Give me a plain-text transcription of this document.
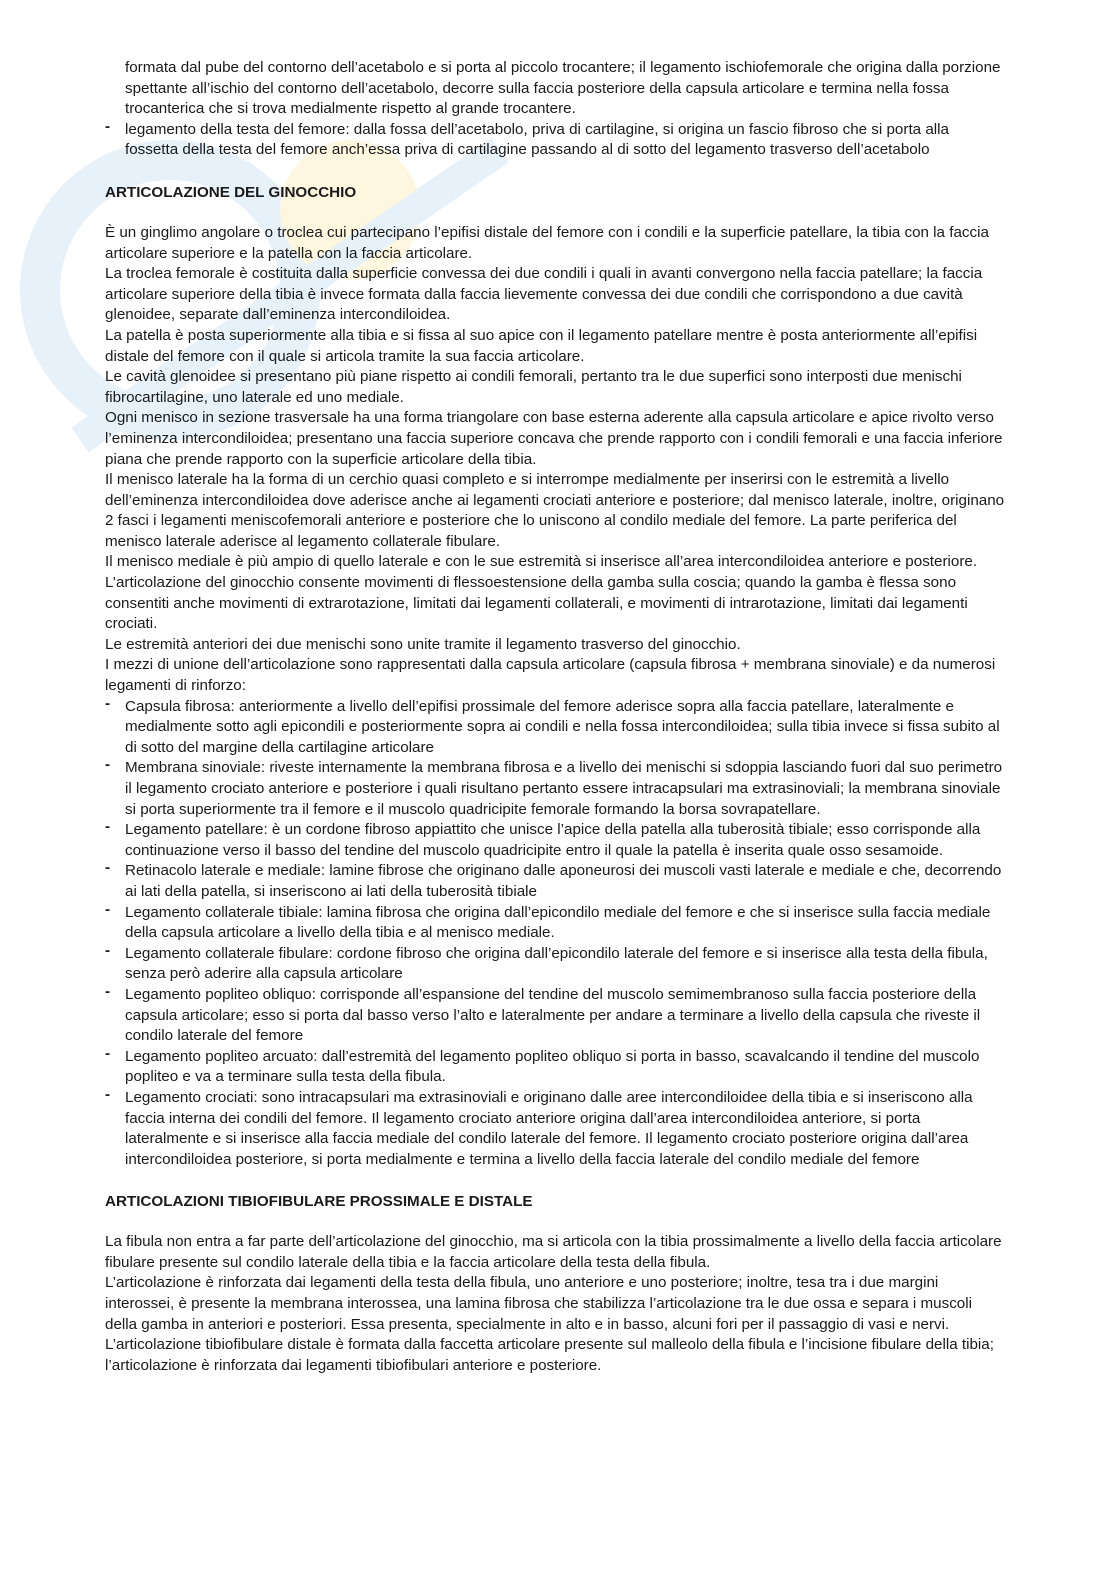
formata dal pube del contorno dell’acetabolo e si porta al piccolo trocantere; il legamento ischiofemorale che origina dalla porzione spettante all’ischio del contorno dell’acetabolo, decorre sulla faccia posteriore della capsula articolare e termina nella fossa trocanterica che si trova medialmente rispetto al grande trocantere.

- legamento della testa del femore: dalla fossa dell’acetabolo, priva di cartilagine, si origina un fascio fibroso che si porta alla fossetta della testa del femore anch’essa priva di cartilagine passando al di sotto del legamento trasverso dell’acetabolo
ARTICOLAZIONE DEL GINOCCHIO

È un ginglimo angolare o troclea cui partecipano l’epifisi distale del femore con i condili e la superficie patellare, la tibia con la faccia articolare superiore e la patella con la faccia articolare.

La troclea femorale è costituita dalla superficie convessa dei due condili i quali in avanti convergono nella faccia patellare; la faccia articolare superiore della tibia è invece formata dalla faccia lievemente convessa dei due condili che corrispondono a due cavità glenoidee, separate dall’eminenza intercondiloidea.

La patella è posta superiormente alla tibia e si fissa al suo apice con il legamento patellare mentre è posta anteriormente all’epifisi distale del femore con il quale si articola tramite la sua faccia articolare.

Le cavità glenoidee si presentano più piane rispetto ai condili femorali, pertanto tra le due superfici sono interposti due menischi fibrocartilagine, uno laterale ed uno mediale.

Ogni menisco in sezione trasversale ha una forma triangolare con base esterna aderente alla capsula articolare e apice rivolto verso l’eminenza intercondiloidea; presentano una faccia superiore concava che prende rapporto con i condili femorali e una faccia inferiore piana che prende rapporto con la superficie articolare della tibia.

Il menisco laterale ha la forma di un cerchio quasi completo e si interrompe medialmente per inserirsi con le estremità a livello dell’eminenza intercondiloidea dove aderisce anche ai legamenti crociati anteriore e posteriore; dal menisco laterale, inoltre, originano 2 fasci i legamenti meniscofemorali anteriore e posteriore che lo uniscono al condilo mediale del femore. La parte periferica del menisco laterale aderisce al legamento collaterale fibulare.

Il menisco mediale è più ampio di quello laterale e con le sue estremità si inserisce all’area intercondiloidea anteriore e posteriore.

L’articolazione del ginocchio consente movimenti di flessoestensione della gamba sulla coscia; quando la gamba è flessa sono consentiti anche movimenti di extrarotazione, limitati dai legamenti collaterali, e movimenti di intrarotazione, limitati dai legamenti crociati.

Le estremità anteriori dei due menischi sono unite tramite il legamento trasverso del ginocchio.

I mezzi di unione dell’articolazione sono rappresentati dalla capsula articolare (capsula fibrosa + membrana sinoviale) e da numerosi legamenti di rinforzo:

- Capsula fibrosa: anteriormente a livello dell’epifisi prossimale del femore aderisce sopra alla faccia patellare, lateralmente e medialmente sotto agli epicondili e posteriormente sopra ai condili e nella fossa intercondiloidea; sulla tibia invece si fissa subito al di sotto del margine della cartilagine articolare
- Membrana sinoviale: riveste internamente la membrana fibrosa e a livello dei menischi si sdoppia lasciando fuori dal suo perimetro il legamento crociato anteriore e posteriore i quali risultano pertanto essere intracapsulari ma extrasinoviali; la membrana sinoviale si porta superiormente tra il femore e il muscolo quadricipite femorale formando la borsa sovrapatellare.
- Legamento patellare: è un cordone fibroso appiattito che unisce l’apice della patella alla tuberosità tibiale; esso corrisponde alla continuazione verso il basso del tendine del muscolo quadricipite entro il quale la patella è inserita quale osso sesamoide.
- Retinacolo laterale e mediale: lamine fibrose che originano dalle aponeurosi dei muscoli vasti laterale e mediale e che, decorrendo ai lati della patella, si inseriscono ai lati della tuberosità tibiale
- Legamento collaterale tibiale: lamina fibrosa che origina dall’epicondilo mediale del femore e che si inserisce sulla faccia mediale della capsula articolare a livello della tibia e al menisco mediale.
- Legamento collaterale fibulare: cordone fibroso che origina dall’epicondilo laterale del femore e si inserisce alla testa della fibula, senza però aderire alla capsula articolare
- Legamento popliteo obliquo: corrisponde all’espansione del tendine del muscolo semimembranoso sulla faccia posteriore della capsula articolare; esso si porta dal basso verso l’alto e lateralmente per andare a terminare a livello della capsula che riveste il condilo laterale del femore
- Legamento popliteo arcuato: dall’estremità del legamento popliteo obliquo si porta in basso, scavalcando il tendine del muscolo popliteo e va a terminare sulla testa della fibula.
- Legamento crociati: sono intracapsulari ma extrasinoviali e originano dalle aree intercondiloidee della tibia e si inseriscono alla faccia interna dei condili del femore. Il legamento crociato anteriore origina dall’area intercondiloidea anteriore, si porta lateralmente e si inserisce alla faccia mediale del condilo laterale del femore. Il legamento crociato posteriore origina dall’area intercondiloidea posteriore, si porta medialmente e termina a livello della faccia laterale del condilo mediale del femore
ARTICOLAZIONI TIBIOFIBULARE PROSSIMALE E DISTALE

La fibula non entra a far parte dell’articolazione del ginocchio, ma si articola con la tibia prossimalmente a livello della faccia articolare fibulare presente sul condilo laterale della tibia e la faccia articolare della testa della fibula.

L’articolazione è rinforzata dai legamenti della testa della fibula, uno anteriore e uno posteriore; inoltre, tesa tra i due margini interossei, è presente la membrana interossea, una lamina fibrosa che stabilizza l’articolazione tra le due ossa e separa i muscoli della gamba in anteriori e posteriori. Essa presenta, specialmente in alto e in basso, alcuni fori per il passaggio di vasi e nervi.

L’articolazione tibiofibulare distale è formata dalla faccetta articolare presente sul malleolo della fibula e l’incisione fibulare della tibia; l’articolazione è rinforzata dai legamenti tibiofibulari anteriore e posteriore.
